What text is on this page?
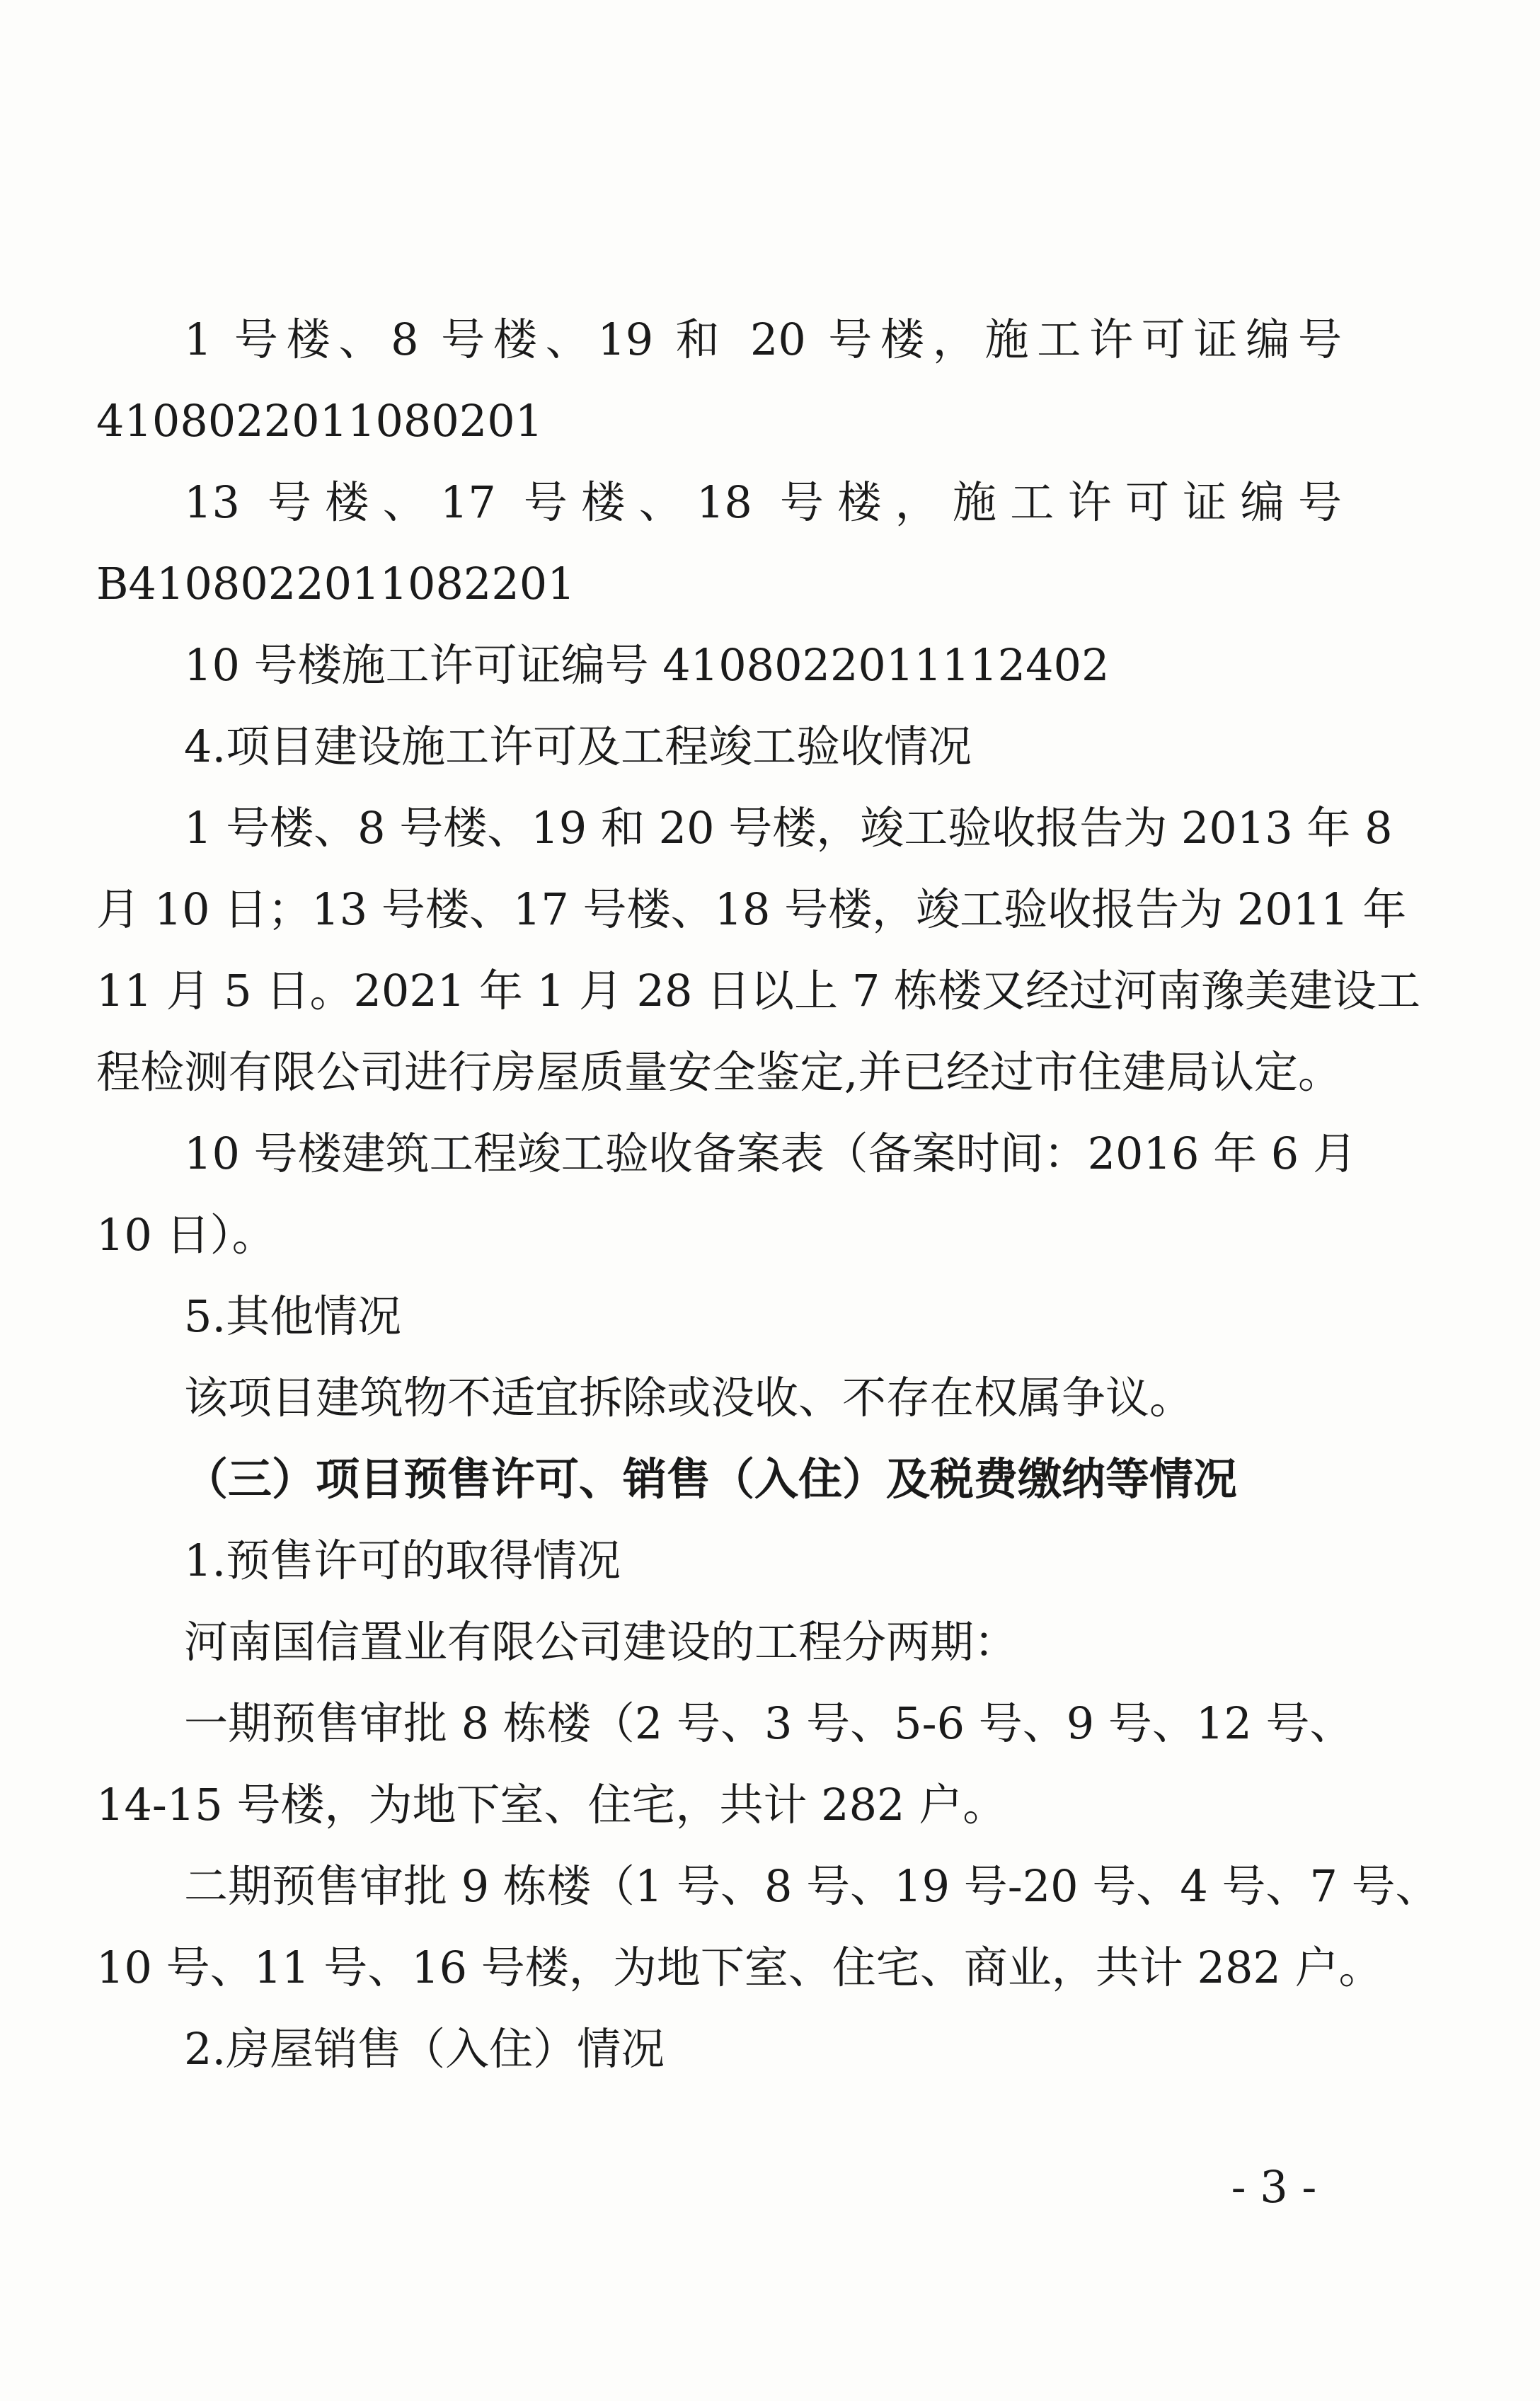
1 号楼、8 号楼、19 和 20 号楼，施工许可证编号
4108022011080201
13 号楼、17 号楼、18 号楼，施工许可证编号
B4108022011082201
10 号楼施工许可证编号 4108022011112402
4.项目建设施工许可及工程竣工验收情况
1 号楼、8 号楼、19 和 20 号楼，竣工验收报告为 2013 年 8
月 10 日；13 号楼、17 号楼、18 号楼，竣工验收报告为 2011 年
11 月 5 日。2021 年 1 月 28 日以上 7 栋楼又经过河南豫美建设工
程检测有限公司进行房屋质量安全鉴定,并已经过市住建局认定。
10 号楼建筑工程竣工验收备案表（备案时间：2016 年 6 月
10 日）。
5.其他情况
该项目建筑物不适宜拆除或没收、不存在权属争议。
（三）项目预售许可、销售（入住）及税费缴纳等情况
1.预售许可的取得情况
河南国信置业有限公司建设的工程分两期：
一期预售审批 8 栋楼（2 号、3 号、5-6 号、9 号、12 号、
14-15 号楼，为地下室、住宅，共计 282 户。
二期预售审批 9 栋楼（1 号、8 号、19 号-20 号、4 号、7 号、
10 号、11 号、16 号楼，为地下室、住宅、商业，共计 282 户。
2.房屋销售（入住）情况
- 3 -
